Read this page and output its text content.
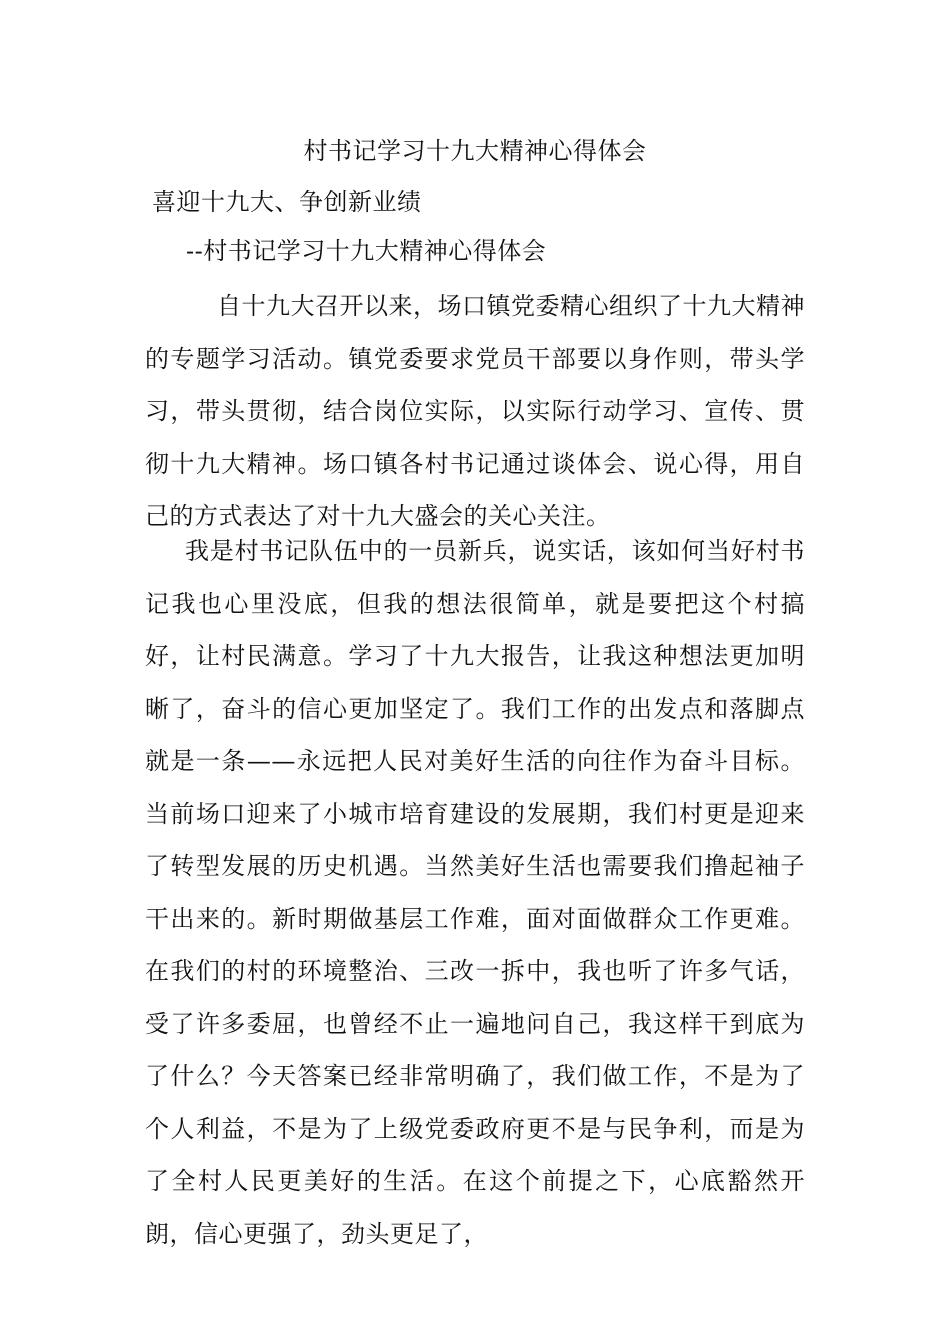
村书记学习十九大精神心得体会

喜迎十九大、争创新业绩

--村书记学习十九大精神心得体会

自十九大召开以来，场口镇党委精心组织了十九大精神的专题学习活动。镇党委要求党员干部要以身作则，带头学习，带头贯彻，结合岗位实际，以实际行动学习、宣传、贯彻十九大精神。场口镇各村书记通过谈体会、说心得，用自己的方式表达了对十九大盛会的关心关注。

我是村书记队伍中的一员新兵，说实话，该如何当好村书记我也心里没底，但我的想法很简单，就是要把这个村搞好，让村民满意。学习了十九大报告，让我这种想法更加明晰了，奋斗的信心更加坚定了。我们工作的出发点和落脚点就是一条——永远把人民对美好生活的向往作为奋斗目标。当前场口迎来了小城市培育建设的发展期，我们村更是迎来了转型发展的历史机遇。当然美好生活也需要我们撸起袖子干出来的。新时期做基层工作难，面对面做群众工作更难。在我们的村的环境整治、三改一拆中，我也听了许多气话，受了许多委屈，也曾经不止一遍地问自己，我这样干到底为了什么？今天答案已经非常明确了，我们做工作，不是为了个人利益，不是为了上级党委政府更不是与民争利，而是为了全村人民更美好的生活。在这个前提之下，心底豁然开朗，信心更强了，劲头更足了，
